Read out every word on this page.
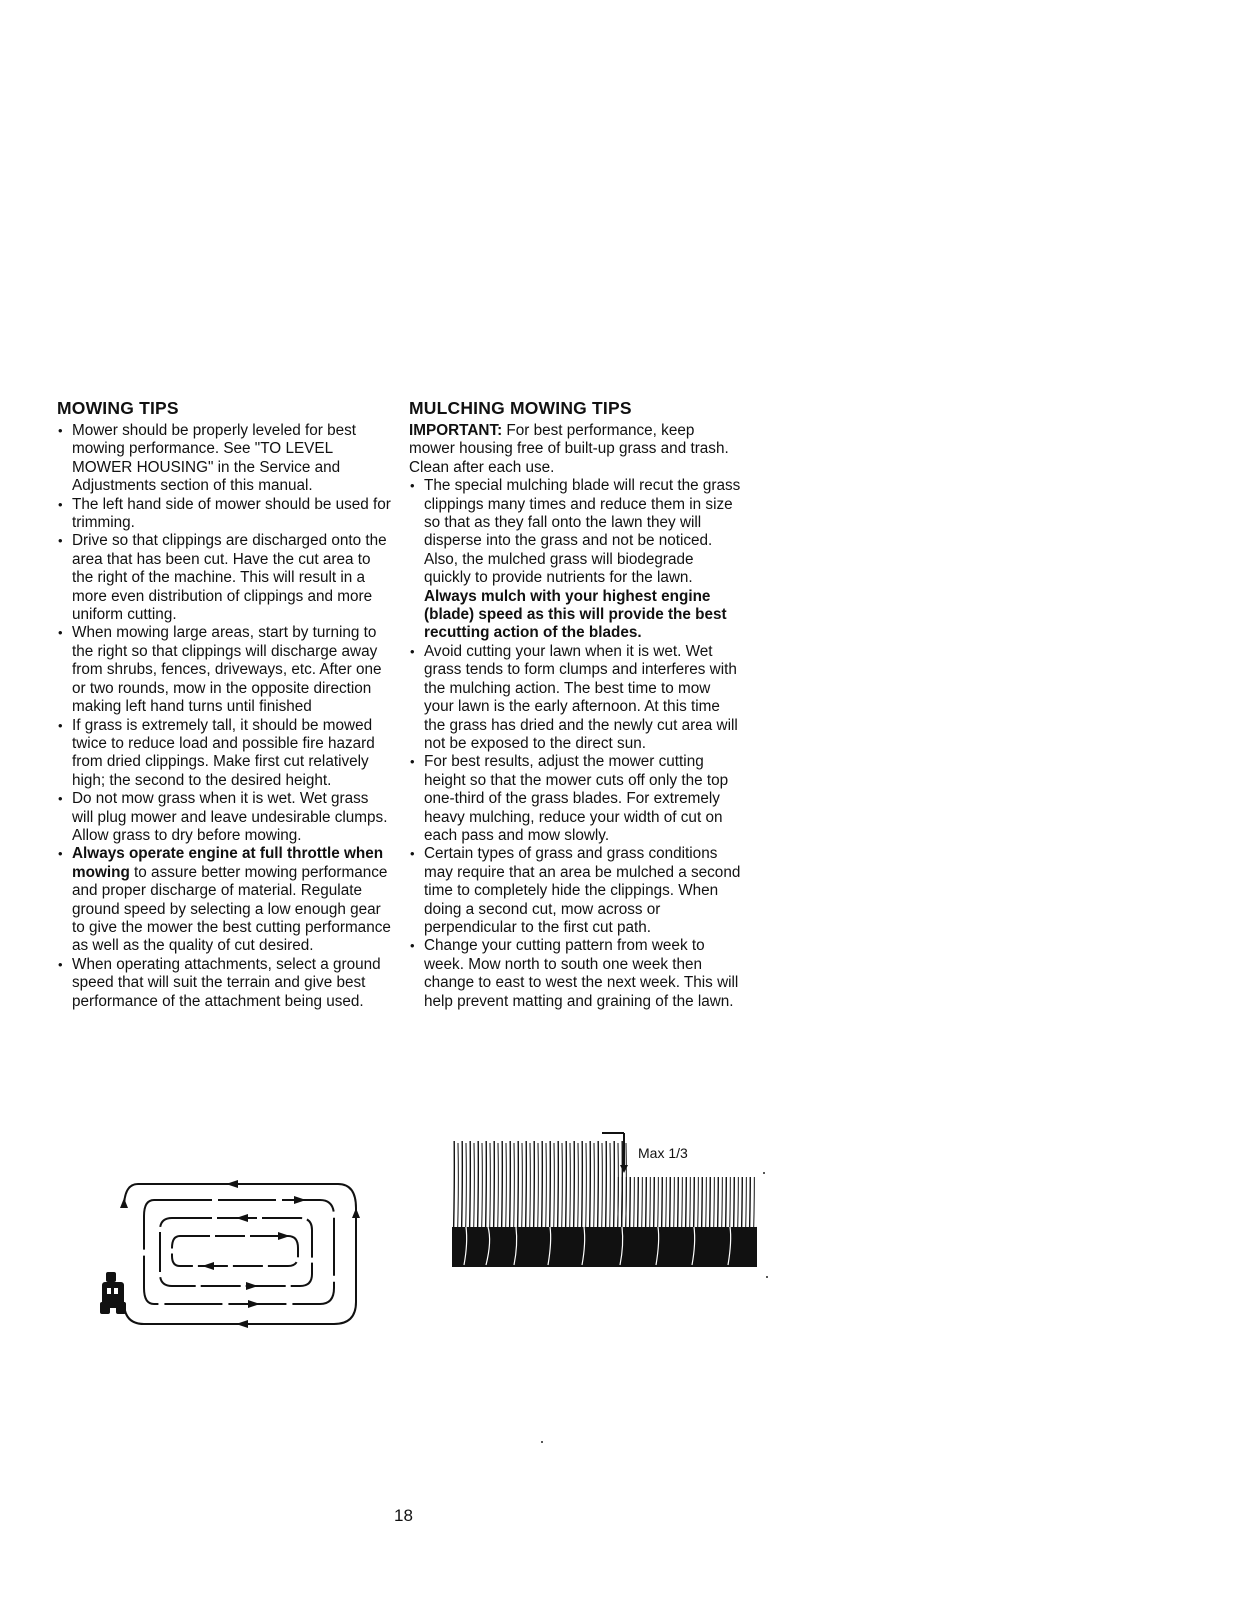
MOWING TIPS
• Mower should be properly leveled for best mowing performance. See "TO LEVEL MOWER HOUSING" in the Service and Adjustments section of this manual.
• The left hand side of mower should be used for trimming.
• Drive so that clippings are discharged onto the area that has been cut. Have the cut area to the right of the machine. This will result in a more even distribution of clippings and more uniform cutting.
• When mowing large areas, start by turning to the right so that clippings will discharge away from shrubs, fences, driveways, etc. After one or two rounds, mow in the opposite direction making left hand turns until finished
• If grass is extremely tall, it should be mowed twice to reduce load and possible fire hazard from dried clippings. Make first cut relatively high; the second to the desired height.
• Do not mow grass when it is wet. Wet grass will plug mower and leave undesirable clumps. Allow grass to dry before mowing.
• Always operate engine at full throttle when mowing to assure better mowing performance and proper discharge of material. Regulate ground speed by selecting a low enough gear to give the mower the best cutting performance as well as the quality of cut desired.
• When operating attachments, select a ground speed that will suit the terrain and give best performance of the attachment being used.
MULCHING MOWING TIPS

IMPORTANT: For best performance, keep mower housing free of built-up grass and trash. Clean after each use.

• The special mulching blade will recut the grass clippings many times and reduce them in size so that as they fall onto the lawn they will disperse into the grass and not be noticed. Also, the mulched grass will biodegrade quickly to provide nutrients for the lawn. Always mulch with your highest engine (blade) speed as this will provide the best recutting action of the blades.
• Avoid cutting your lawn when it is wet. Wet grass tends to form clumps and interferes with the mulching action. The best time to mow your lawn is the early afternoon. At this time the grass has dried and the newly cut area will not be exposed to the direct sun.
• For best results, adjust the mower cutting height so that the mower cuts off only the top one-third of the grass blades. For extremely heavy mulching, reduce your width of cut on each pass and mow slowly.
• Certain types of grass and grass conditions may require that an area be mulched a second time to completely hide the clippings. When doing a second cut, mow across or perpendicular to the first cut path.
• Change your cutting pattern from week to week. Mow north to south one week then change to east to west the next week. This will help prevent matting and graining of the lawn.
Max 1/3
18
